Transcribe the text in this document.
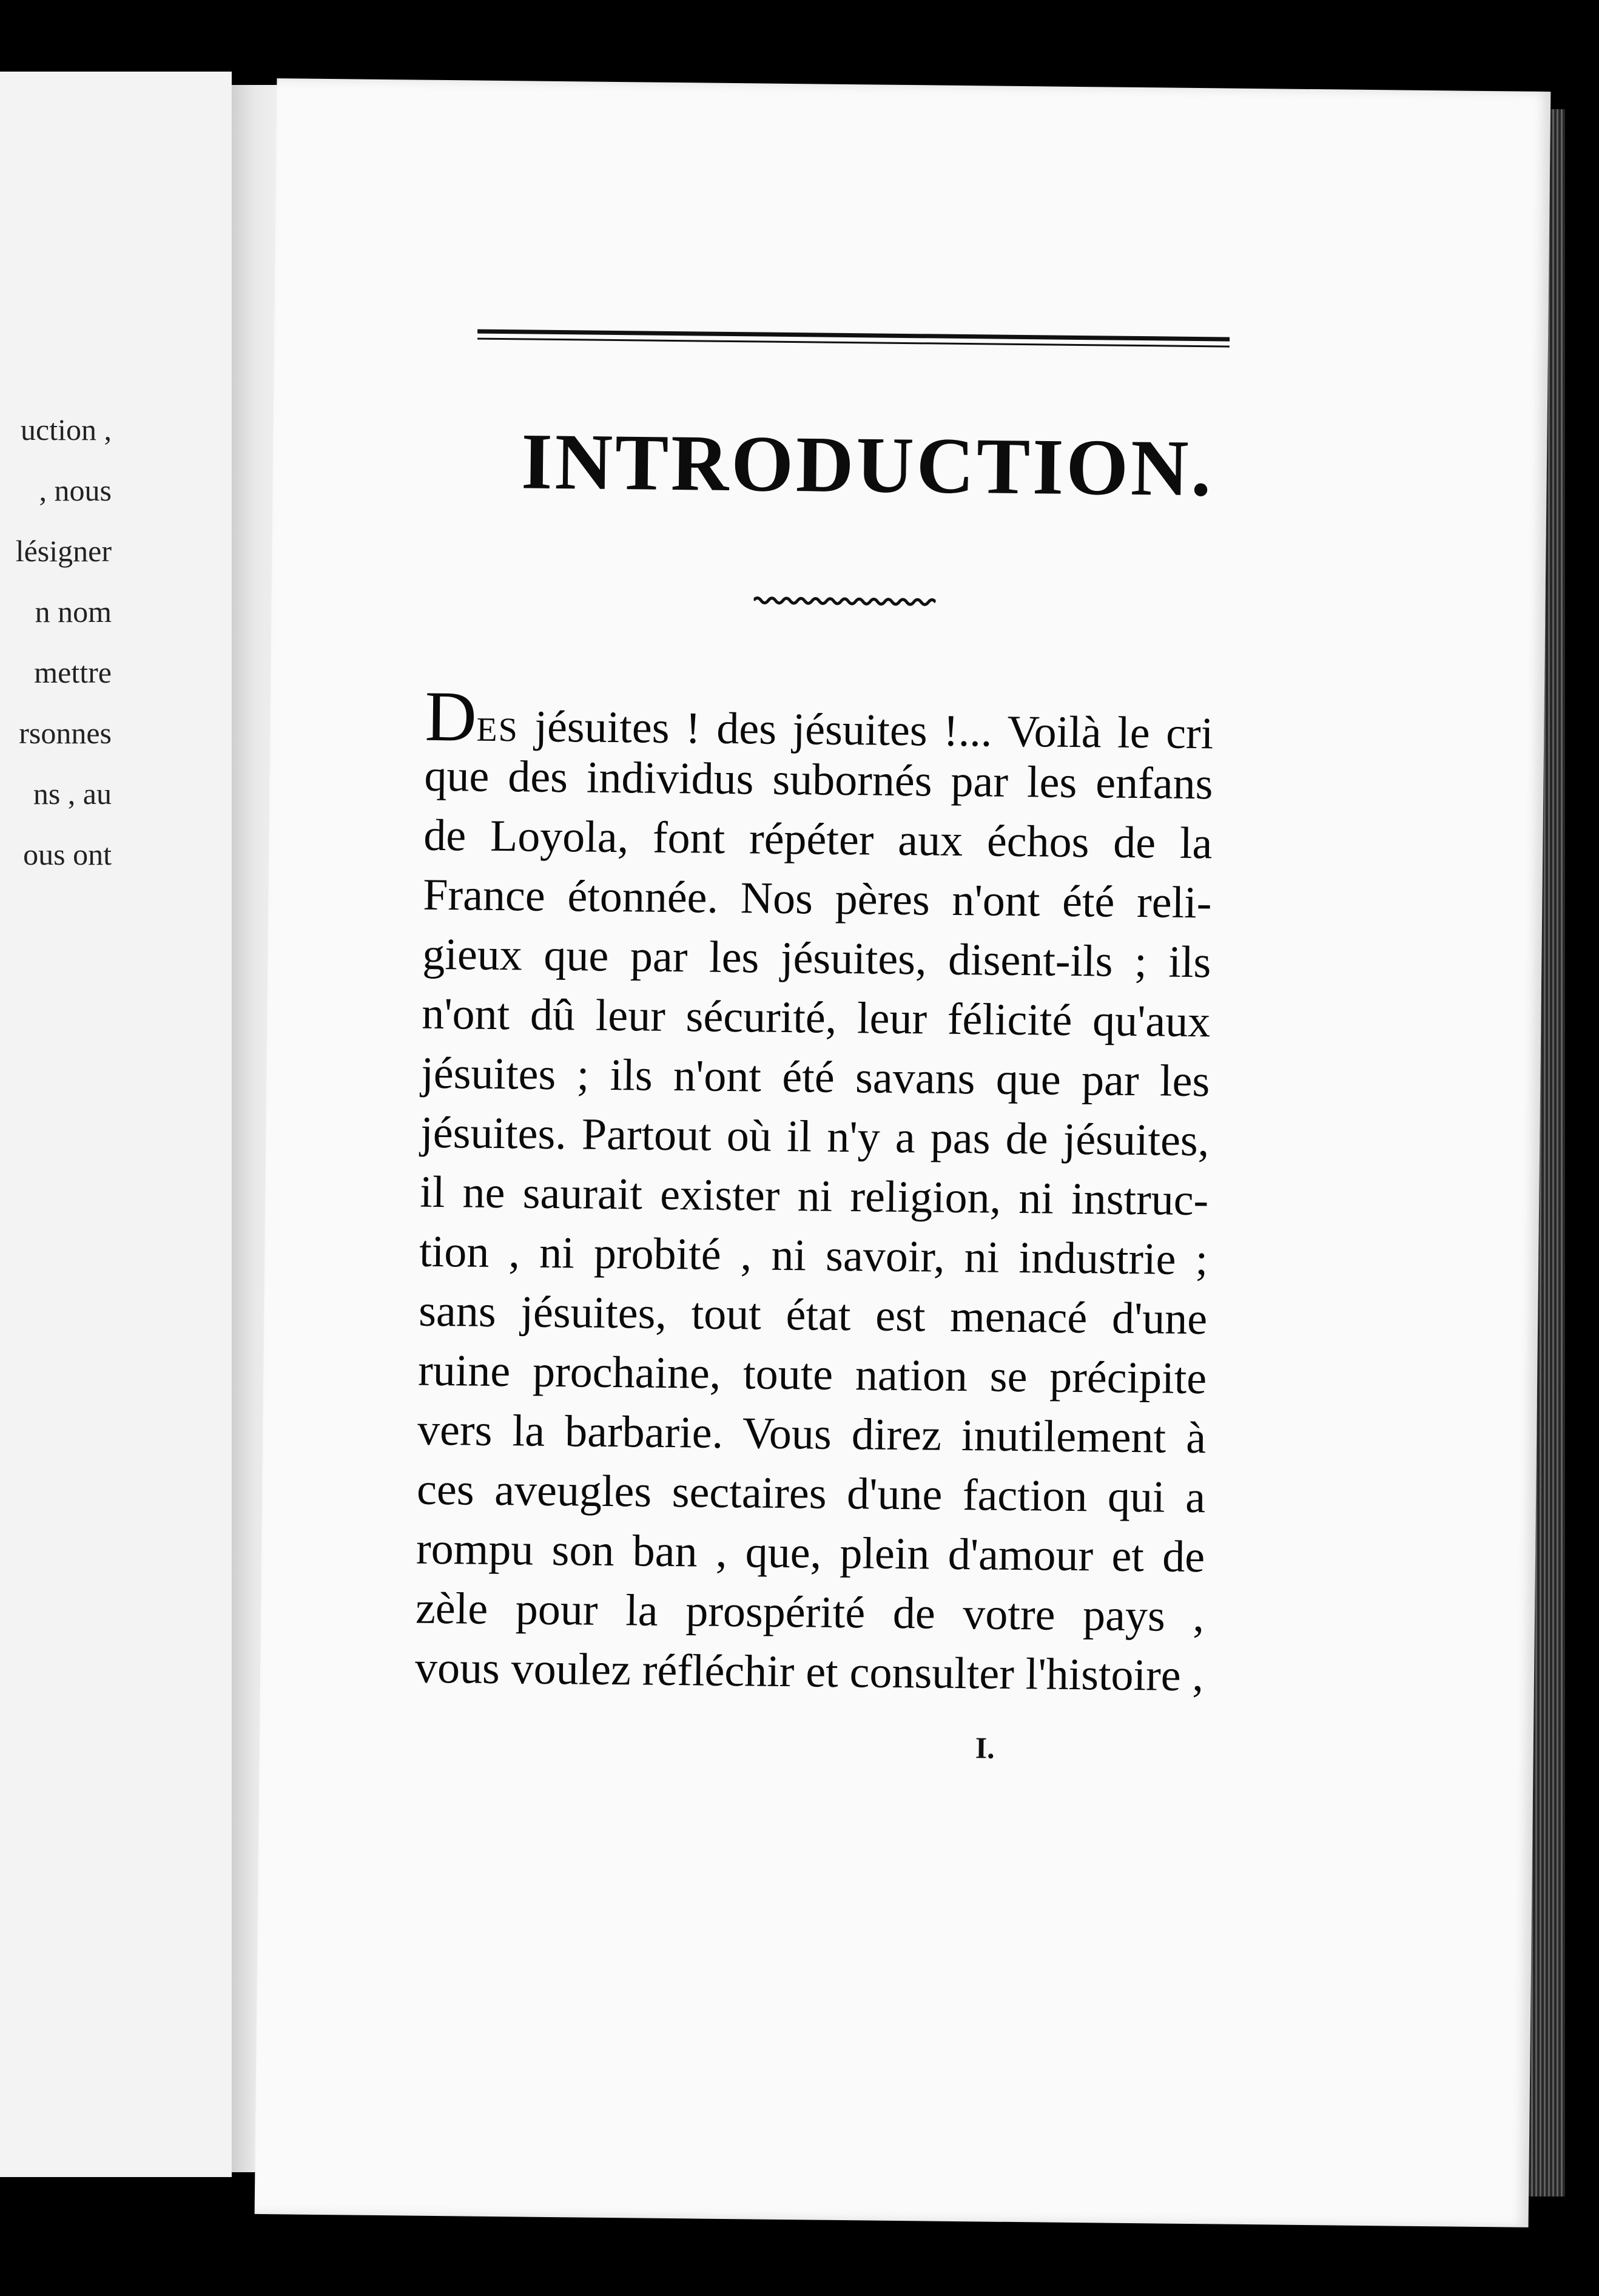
uction ,
, nous
lésigner
n nom
mettre
rsonnes
ns , au
ous ont
INTRODUCTION.
DES jésuites ! des jésuites !... Voilà le cri
que des individus subornés par les enfans
de Loyola, font répéter aux échos de la
France étonnée. Nos pères n'ont été reli-
gieux que par les jésuites, disent-ils ; ils
n'ont dû leur sécurité, leur félicité qu'aux
jésuites ; ils n'ont été savans que par les
jésuites. Partout où il n'y a pas de jésuites,
il ne saurait exister ni religion, ni instruc-
tion , ni probité , ni savoir, ni industrie ;
sans jésuites, tout état est menacé d'une
ruine prochaine, toute nation se précipite
vers la barbarie. Vous direz inutilement à
ces aveugles sectaires d'une faction qui a
rompu son ban , que, plein d'amour et de
zèle pour la prospérité de votre pays ,
vous voulez réfléchir et consulter l'histoire ,
I.
